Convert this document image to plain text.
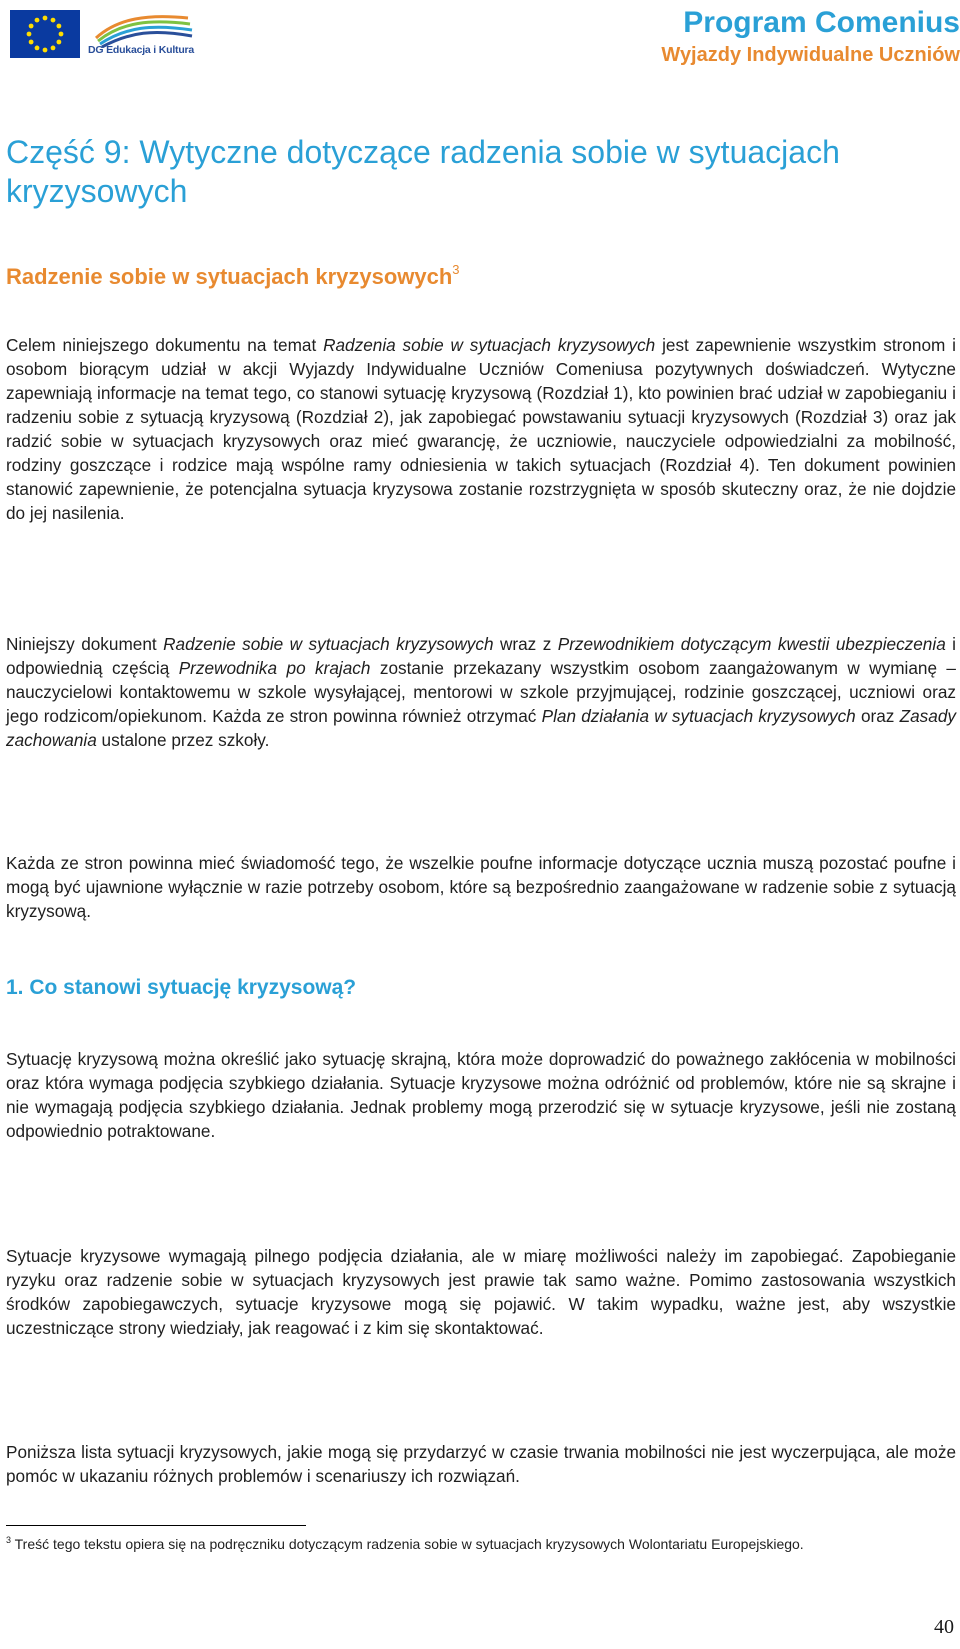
DG Edukacja i Kultura
Program Comenius
Wyjazdy Indywidualne Uczniów
Część 9: Wytyczne dotyczące radzenia sobie w sytuacjach kryzysowych
Radzenie sobie w sytuacjach kryzysowych$^3$

Celem niniejszego dokumentu na temat Radzenia sobie w sytuacjach kryzysowych jest zapewnienie wszystkim stronom i osobom biorącym udział w akcji Wyjazdy Indywidualne Uczniów Comeniusa pozytywnych doświadczeń. Wytyczne zapewniają informacje na temat tego, co stanowi sytuację kryzysową (Rozdział 1), kto powinien brać udział w zapobieganiu i radzeniu sobie z sytuacją kryzysową (Rozdział 2), jak zapobiegać powstawaniu sytuacji kryzysowych (Rozdział 3) oraz jak radzić sobie w sytuacjach kryzysowych oraz mieć gwarancję, że uczniowie, nauczyciele odpowiedzialni za mobilność, rodziny goszczące i rodzice mają wspólne ramy odniesienia w takich sytuacjach (Rozdział 4). Ten dokument powinien stanowić zapewnienie, że potencjalna sytuacja kryzysowa zostanie rozstrzygnięta w sposób skuteczny oraz, że nie dojdzie do jej nasilenia.

Niniejszy dokument Radzenie sobie w sytuacjach kryzysowych wraz z Przewodnikiem dotyczącym kwestii ubezpieczenia i odpowiednią częścią Przewodnika po krajach zostanie przekazany wszystkim osobom zaangażowanym w wymianę – nauczycielowi kontaktowemu w szkole wysyłającej, mentorowi w szkole przyjmującej, rodzinie goszczącej, uczniowi oraz jego rodzicom/opiekunom. Każda ze stron powinna również otrzymać Plan działania w sytuacjach kryzysowych oraz Zasady zachowania ustalone przez szkoły.

Każda ze stron powinna mieć świadomość tego, że wszelkie poufne informacje dotyczące ucznia muszą pozostać poufne i mogą być ujawnione wyłącznie w razie potrzeby osobom, które są bezpośrednio zaangażowane w radzenie sobie z sytuacją kryzysową.

1. Co stanowi sytuację kryzysową?

Sytuację kryzysową można określić jako sytuację skrajną, która może doprowadzić do poważnego zakłócenia w mobilności oraz która wymaga podjęcia szybkiego działania. Sytuacje kryzysowe można odróżnić od problemów, które nie są skrajne i nie wymagają podjęcia szybkiego działania. Jednak problemy mogą przerodzić się w sytuacje kryzysowe, jeśli nie zostaną odpowiednio potraktowane.

Sytuacje kryzysowe wymagają pilnego podjęcia działania, ale w miarę możliwości należy im zapobiegać. Zapobieganie ryzyku oraz radzenie sobie w sytuacjach kryzysowych jest prawie tak samo ważne. Pomimo zastosowania wszystkich środków zapobiegawczych, sytuacje kryzysowe mogą się pojawić. W takim wypadku, ważne jest, aby wszystkie uczestniczące strony wiedziały, jak reagować i z kim się skontaktować.

Poniższa lista sytuacji kryzysowych, jakie mogą się przydarzyć w czasie trwania mobilności nie jest wyczerpująca, ale może pomóc w ukazaniu różnych problemów i scenariuszy ich rozwiązań.

$^3$ Treść tego tekstu opiera się na podręczniku dotyczącym radzenia sobie w sytuacjach kryzysowych Wolontariatu Europejskiego.

40
